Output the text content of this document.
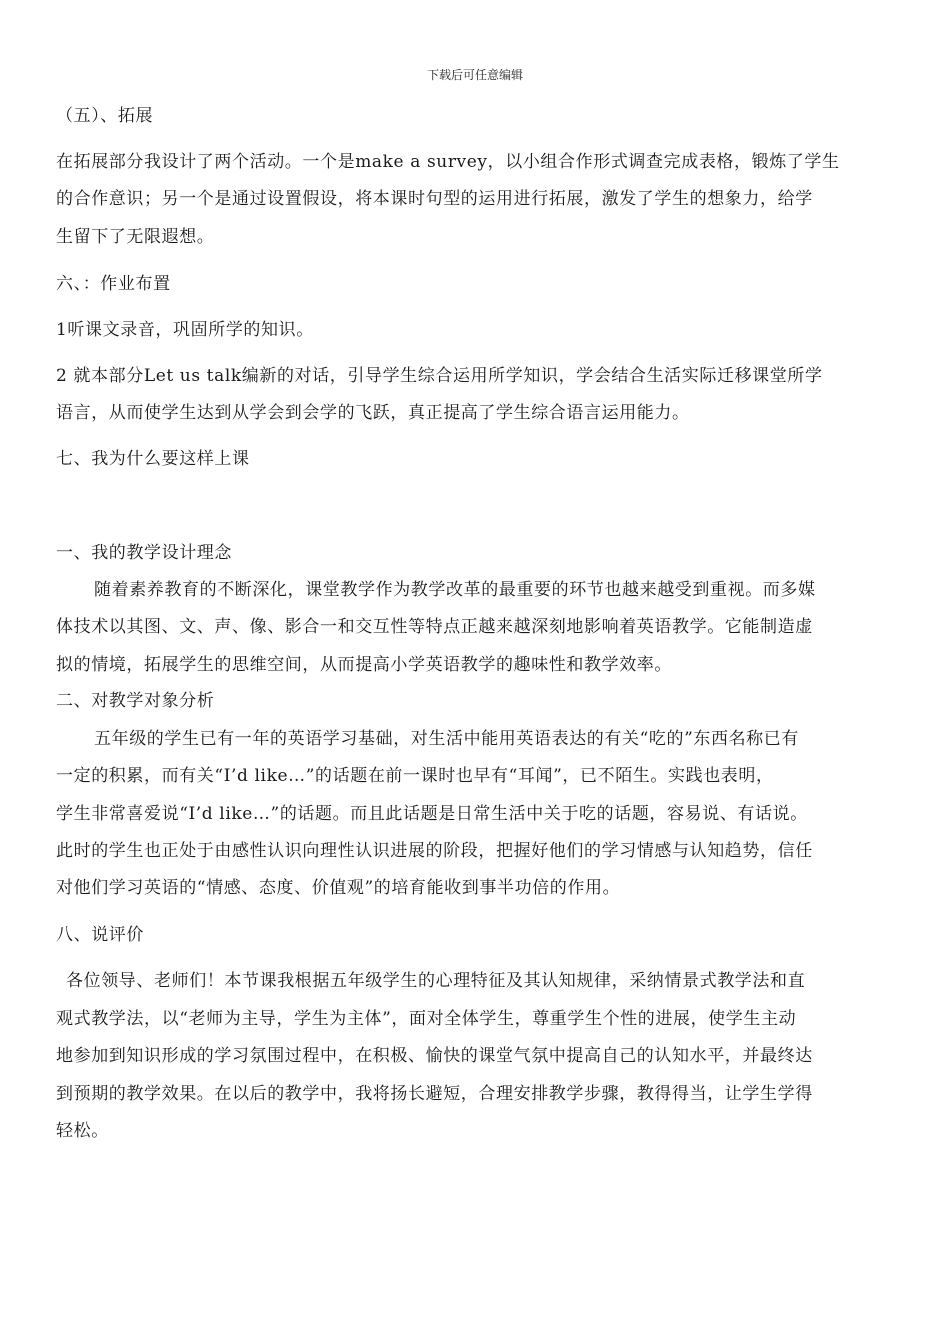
下载后可任意编辑
（五）、拓展
在拓展部分我设计了两个活动。一个是make a survey，以小组合作形式调查完成表格，锻炼了学生
的合作意识；另一个是通过设置假设，将本课时句型的运用进行拓展，激发了学生的想象力，给学
生留下了无限遐想。
六、：作业布置
1听课文录音，巩固所学的知识。
2 就本部分Let us talk编新的对话，引导学生综合运用所学知识，学会结合生活实际迁移课堂所学
语言，从而使学生达到从学会到会学的飞跃，真正提高了学生综合语言运用能力。
七、我为什么要这样上课
一、我的教学设计理念
随着素养教育的不断深化，课堂教学作为教学改革的最重要的环节也越来越受到重视。而多媒
体技术以其图、文、声、像、影合一和交互性等特点正越来越深刻地影响着英语教学。它能制造虚
拟的情境，拓展学生的思维空间，从而提高小学英语教学的趣味性和教学效率。
二、对教学对象分析
五年级的学生已有一年的英语学习基础，对生活中能用英语表达的有关“吃的”东西名称已有
一定的积累，而有关“I’d like…”的话题在前一课时也早有“耳闻”，已不陌生。实践也表明，
学生非常喜爱说“I’d like…”的话题。而且此话题是日常生活中关于吃的话题，容易说、有话说。
此时的学生也正处于由感性认识向理性认识进展的阶段，把握好他们的学习情感与认知趋势，信任
对他们学习英语的“情感、态度、价值观”的培育能收到事半功倍的作用。
八、说评价
各位领导、老师们！本节课我根据五年级学生的心理特征及其认知规律，采纳情景式教学法和直
观式教学法，以“老师为主导，学生为主体”，面对全体学生，尊重学生个性的进展，使学生主动
地参加到知识形成的学习氛围过程中，在积极、愉快的课堂气氛中提高自己的认知水平，并最终达
到预期的教学效果。在以后的教学中，我将扬长避短，合理安排教学步骤，教得得当，让学生学得
轻松。
